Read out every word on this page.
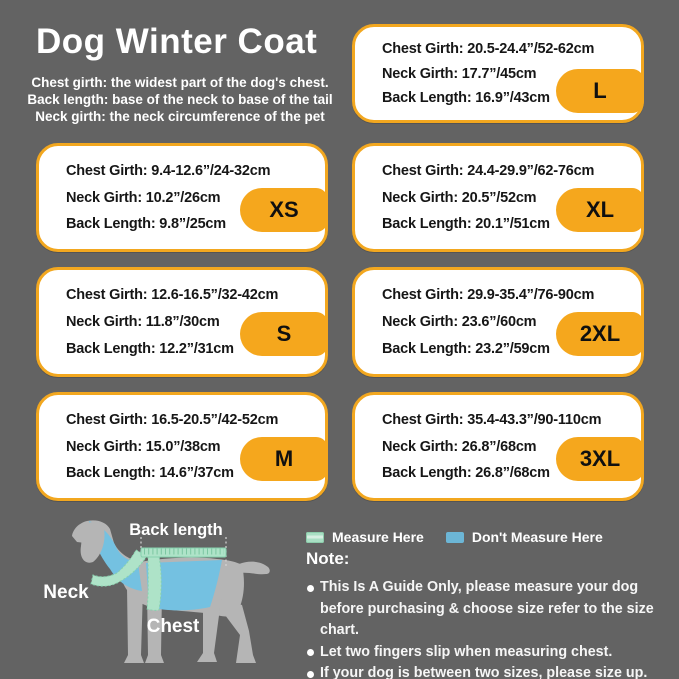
Dog Winter Coat
Chest girth: the widest part of the dog's chest.
Back length: base of the neck to base of the tail
Neck girth: the neck circumference of the pet
Chest Girth: 20.5-24.4”/52-62cm
Neck Girth: 17.7”/45cm
Back Length: 16.9”/43cm	L
Chest Girth: 9.4-12.6”/24-32cm
Neck Girth: 10.2”/26cm
Back Length: 9.8”/25cm
XS
Chest Girth: 24.4-29.9”/62-76cm
Neck Girth: 20.5”/52cm
Back Length: 20.1”/51cm
XL
Chest Girth: 12.6-16.5”/32-42cm
Neck Girth: 11.8”/30cm
Back Length: 12.2”/31cm
S
Chest Girth: 29.9-35.4”/76-90cm
Neck Girth: 23.6”/60cm
Back Length: 23.2”/59cm
2XL
Chest Girth: 16.5-20.5”/42-52cm
Neck Girth: 15.0”/38cm
Back Length: 14.6”/37cm
M
Chest Girth: 35.4-43.3”/90-110cm
Neck Girth: 26.8”/68cm
Back Length: 26.8”/68cm
3XL
Back length
Neck
Chest
Measure Here	Don't Measure Here
Note:
This Is A Guide Only, please measure your dog before purchasing & choose size refer to the size chart.
Let two fingers slip when measuring chest.
If your dog is between two sizes, please size up.
